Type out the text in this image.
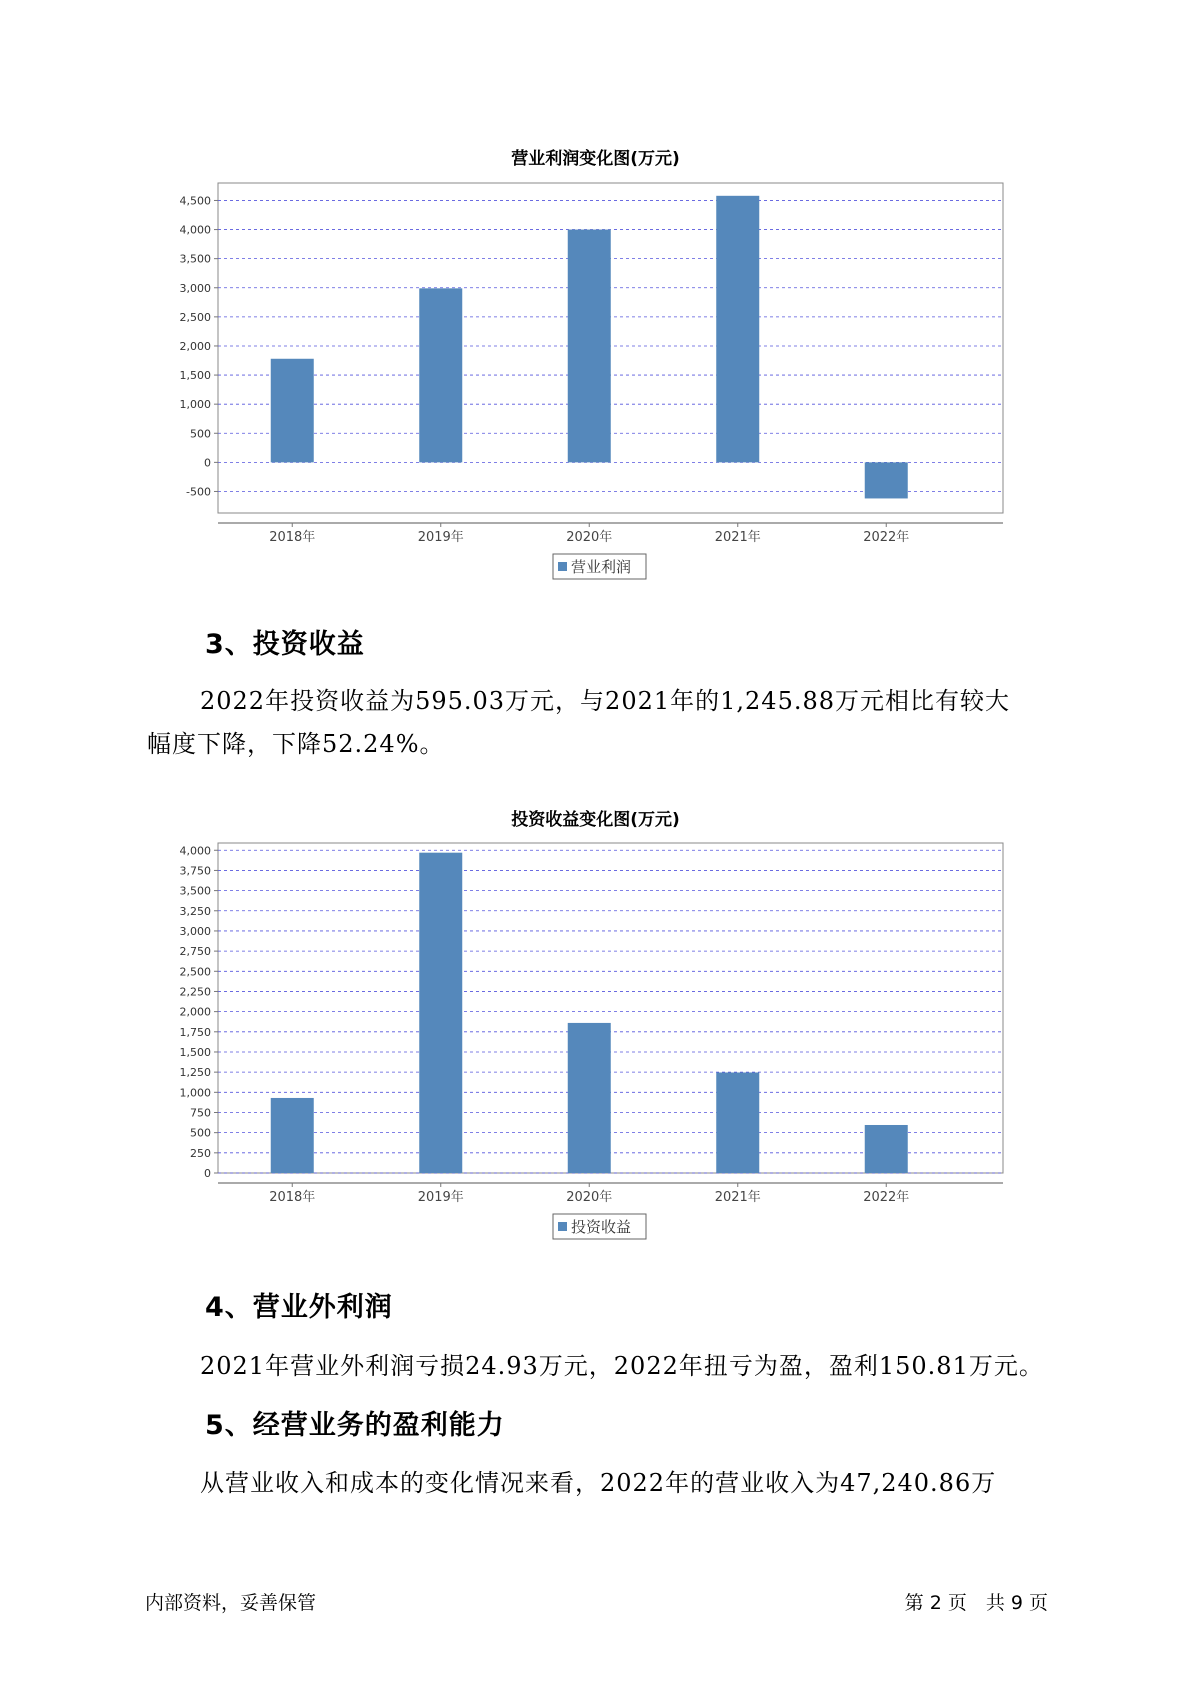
营业利润变化图(万元)
-500
0
500
1,000
1,500
2,000
2,500
3,000
3,500
4,000
4,500
2018年	2019年	2020年	2021年	2022年
营业利润
3、投资收益

2022年投资收益为595.03万元，与2021年的1,245.88万元相比有较大

幅度下降，下降52.24%。

投资收益变化图(万元)
0
250
500
750
1,000
1,250
1,500
1,750
2,000
2,250
2,500
2,750
3,000
3,250
3,500
3,750
4,000
2018年	2019年	2020年	2021年	2022年
投资收益
4、营业外利润

2021年营业外利润亏损24.93万元，2022年扭亏为盈，盈利150.81万元。

5、经营业务的盈利能力

从营业收入和成本的变化情况来看，2022年的营业收入为47,240.86万

内部资料，妥善保管	第 2 页　共 9 页
